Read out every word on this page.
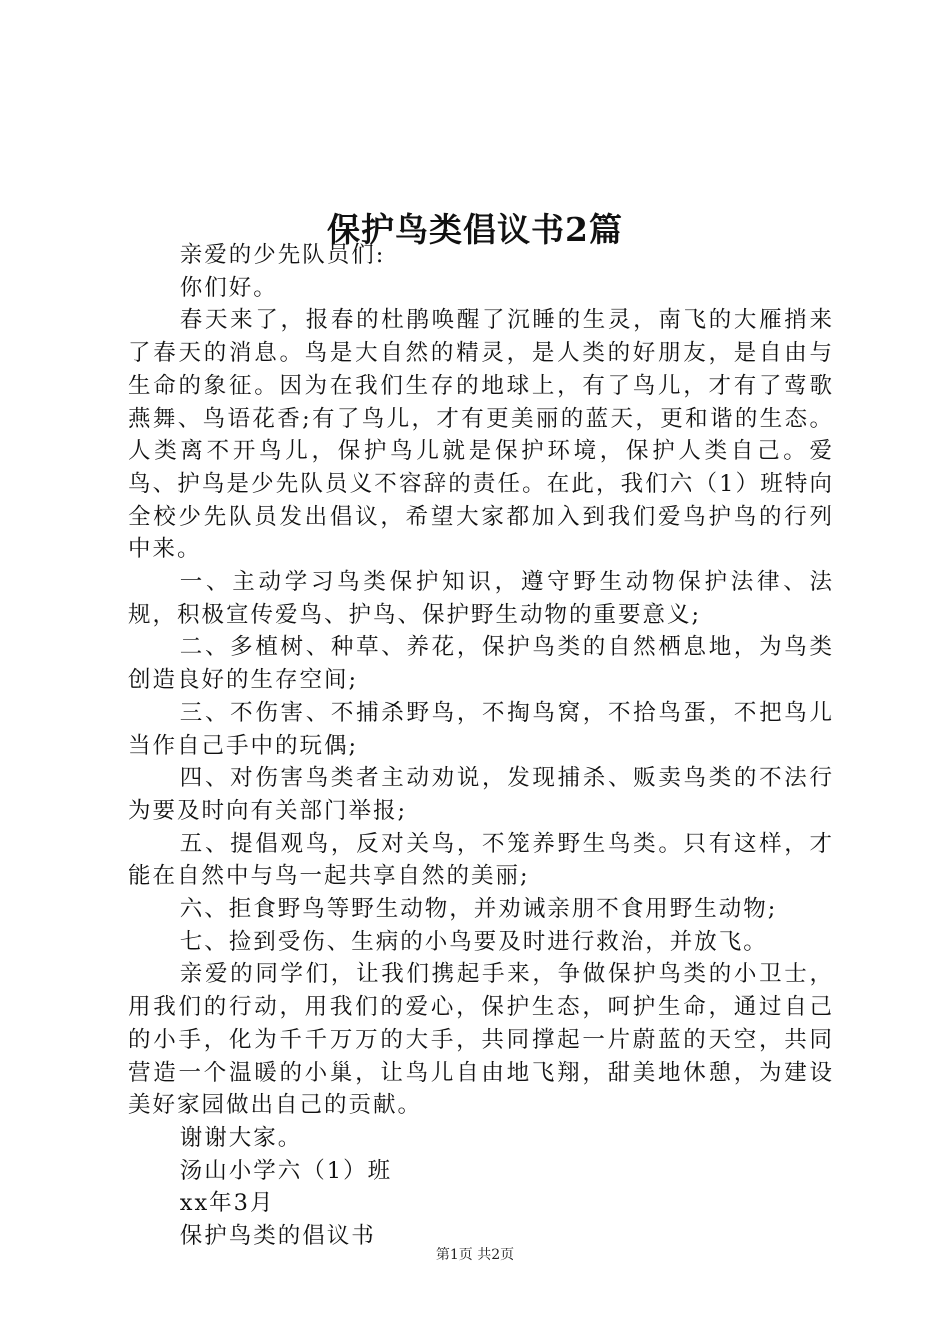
保护鸟类倡议书2篇

亲爱的少先队员们:

你们好。

春天来了，报春的杜鹃唤醒了沉睡的生灵，南飞的大雁捎来了春天的消息。鸟是大自然的精灵，是人类的好朋友，是自由与生命的象征。因为在我们生存的地球上，有了鸟儿，才有了莺歌燕舞、鸟语花香;有了鸟儿，才有更美丽的蓝天，更和谐的生态。人类离不开鸟儿，保护鸟儿就是保护环境，保护人类自己。爱鸟、护鸟是少先队员义不容辞的责任。在此，我们六（1）班特向全校少先队员发出倡议，希望大家都加入到我们爱鸟护鸟的行列中来。

一、主动学习鸟类保护知识，遵守野生动物保护法律、法规，积极宣传爱鸟、护鸟、保护野生动物的重要意义;

二、多植树、种草、养花，保护鸟类的自然栖息地，为鸟类创造良好的生存空间;

三、不伤害、不捕杀野鸟，不掏鸟窝，不拾鸟蛋，不把鸟儿当作自己手中的玩偶;

四、对伤害鸟类者主动劝说，发现捕杀、贩卖鸟类的不法行为要及时向有关部门举报;

五、提倡观鸟，反对关鸟，不笼养野生鸟类。只有这样，才能在自然中与鸟一起共享自然的美丽;

六、拒食野鸟等野生动物，并劝诫亲朋不食用野生动物;

七、捡到受伤、生病的小鸟要及时进行救治，并放飞。

亲爱的同学们，让我们携起手来，争做保护鸟类的小卫士，用我们的行动，用我们的爱心，保护生态，呵护生命，通过自己的小手，化为千千万万的大手，共同撑起一片蔚蓝的天空，共同营造一个温暖的小巢，让鸟儿自由地飞翔，甜美地休憩，为建设美好家园做出自己的贡献。

谢谢大家。

汤山小学六（1）班

xx年3月

保护鸟类的倡议书

第1页 共2页
